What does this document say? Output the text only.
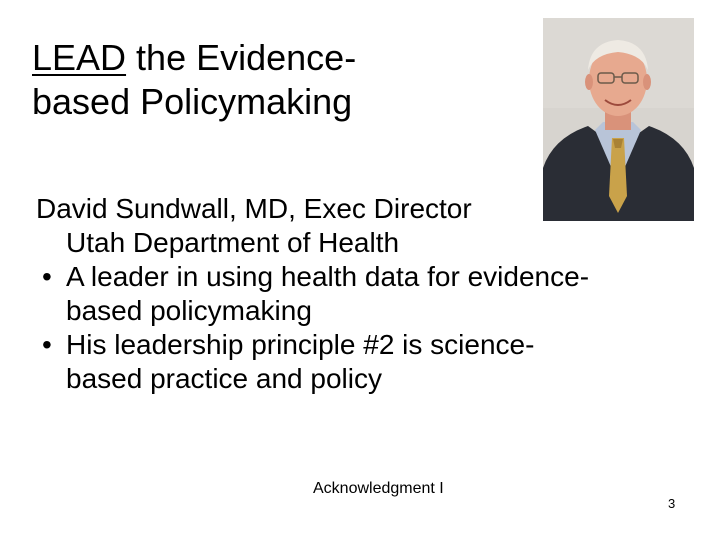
LEAD the Evidence-
based Policymaking
David Sundwall, MD, Exec Director
Utah Department of Health
• A leader in using health data for evidence-
based policymaking
• His leadership principle #2 is science-
based practice and policy
Acknowledgment I
3
